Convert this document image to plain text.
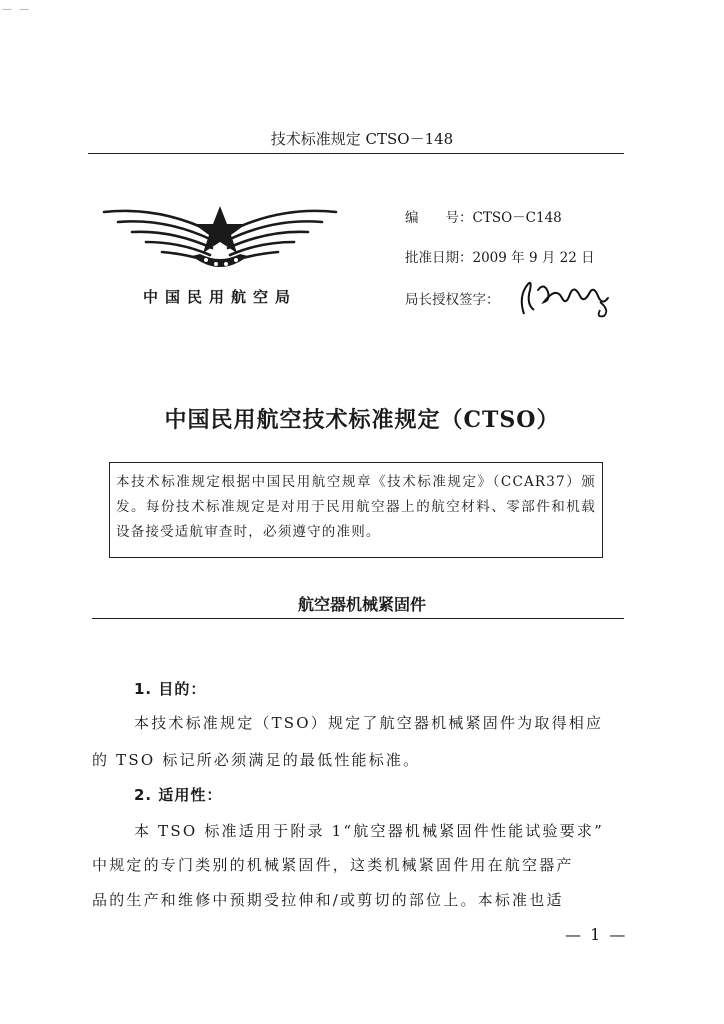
— —
技术标准规定 CTSO－148
中国民用航空局
编　　号：CTSO－C148
批准日期：2009 年 9 月 22 日
局长授权签字：
中国民用航空技术标准规定（CTSO）
本技术标准规定根据中国民用航空规章《技术标准规定》（CCAR37）颁发。每份技术标准规定是对用于民用航空器上的航空材料、零部件和机载设备接受适航审查时，必须遵守的准则。
航空器机械紧固件
1. 目的：
本技术标准规定（TSO）规定了航空器机械紧固件为取得相应
的 TSO 标记所必须满足的最低性能标准。
2. 适用性：
本 TSO 标准适用于附录 1“航空器机械紧固件性能试验要求”
中规定的专门类别的机械紧固件，这类机械紧固件用在航空器产
品的生产和维修中预期受拉伸和/或剪切的部位上。本标准也适
— 1 —
